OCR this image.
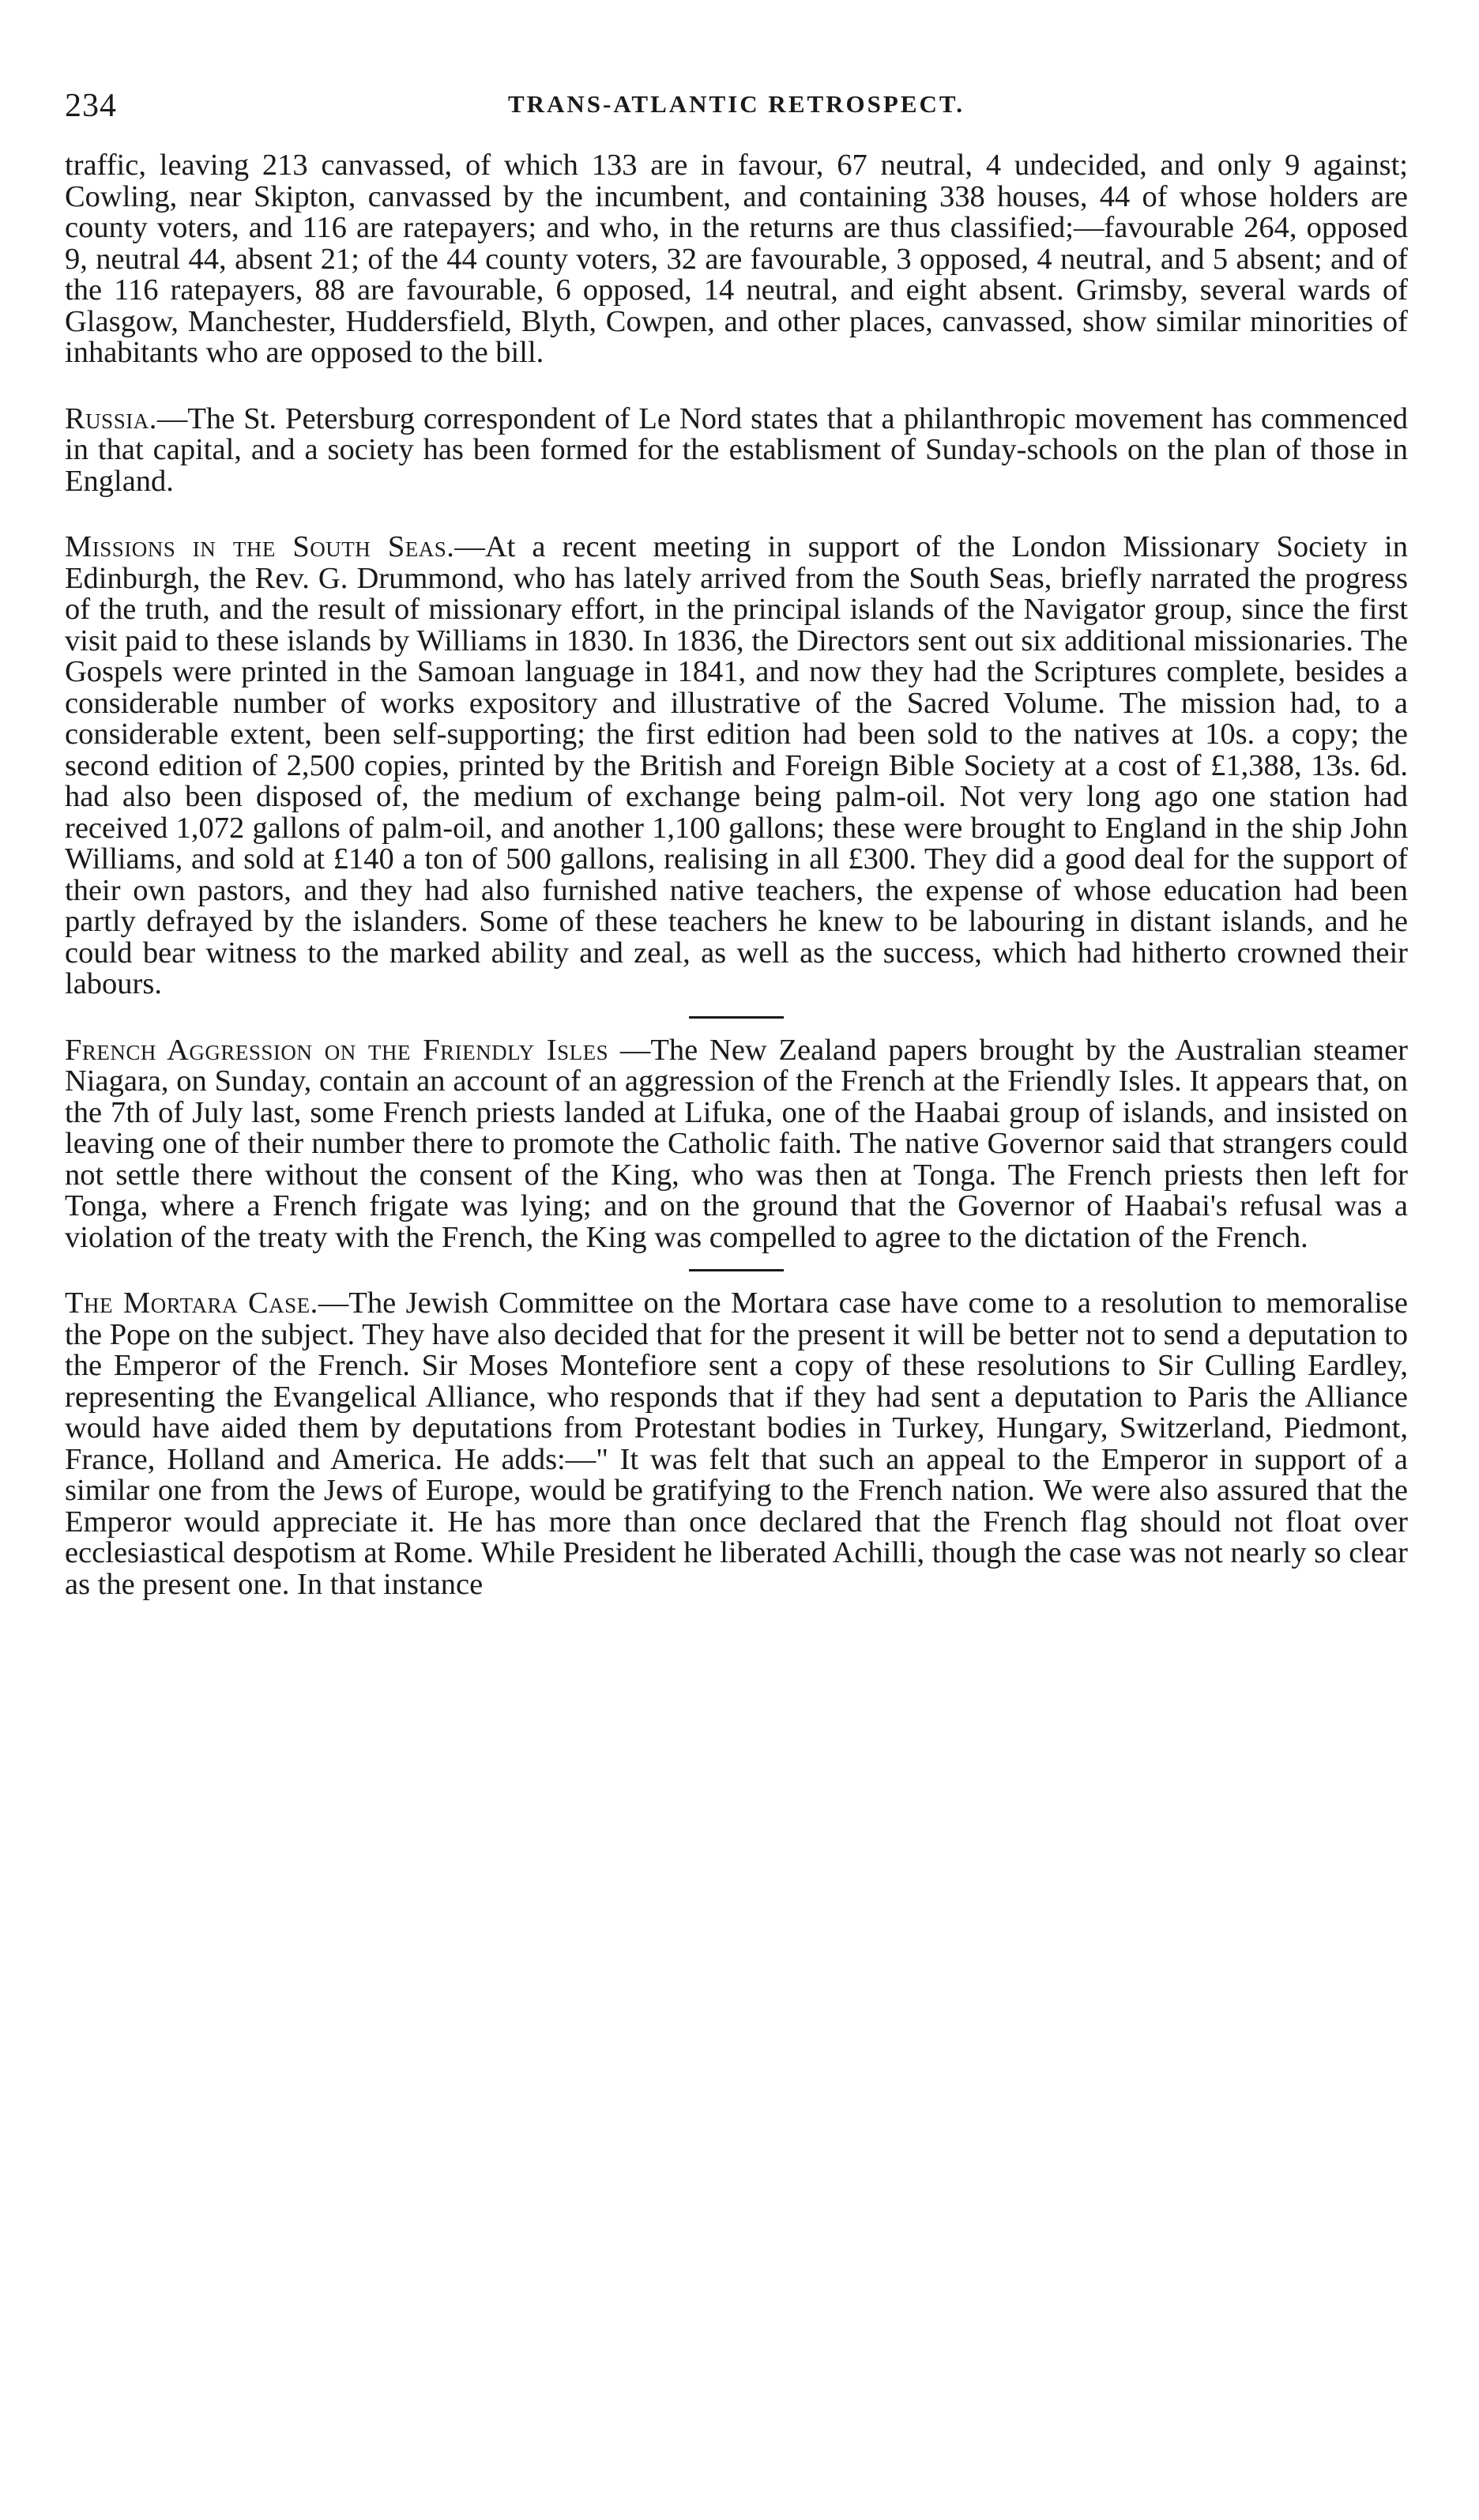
234	TRANS-ATLANTIC RETROSPECT.

traffic, leaving 213 canvassed, of which 133 are in favour, 67 neutral, 4 undecided, and only 9 against; Cowling, near Skipton, canvassed by the incumbent, and containing 338 houses, 44 of whose holders are county voters, and 116 are ratepayers; and who, in the returns are thus classified;—favourable 264, opposed 9, neutral 44, absent 21; of the 44 county voters, 32 are favourable, 3 opposed, 4 neutral, and 5 absent; and of the 116 ratepayers, 88 are favourable, 6 opposed, 14 neutral, and eight absent. Grimsby, several wards of Glasgow, Manchester, Huddersfield, Blyth, Cowpen, and other places, canvassed, show similar minorities of inhabitants who are opposed to the bill.

Russia.—The St. Petersburg correspondent of Le Nord states that a philanthropic movement has commenced in that capital, and a society has been formed for the establisment of Sunday-schools on the plan of those in England.

Missions in the South Seas.—At a recent meeting in support of the London Missionary Society in Edinburgh, the Rev. G. Drummond, who has lately arrived from the South Seas, briefly narrated the progress of the truth, and the result of missionary effort, in the principal islands of the Navigator group, since the first visit paid to these islands by Williams in 1830. In 1836, the Directors sent out six additional missionaries. The Gospels were printed in the Samoan language in 1841, and now they had the Scriptures complete, besides a considerable number of works expository and illustrative of the Sacred Volume. The mission had, to a considerable extent, been self-supporting; the first edition had been sold to the natives at 10s. a copy; the second edition of 2,500 copies, printed by the British and Foreign Bible Society at a cost of £1,388, 13s. 6d. had also been disposed of, the medium of exchange being palm-oil. Not very long ago one station had received 1,072 gallons of palm-oil, and another 1,100 gallons; these were brought to England in the ship John Williams, and sold at £140 a ton of 500 gallons, realising in all £300. They did a good deal for the support of their own pastors, and they had also furnished native teachers, the expense of whose education had been partly defrayed by the islanders. Some of these teachers he knew to be labouring in distant islands, and he could bear witness to the marked ability and zeal, as well as the success, which had hitherto crowned their labours.

French Aggression on the Friendly Isles —The New Zealand papers brought by the Australian steamer Niagara, on Sunday, contain an account of an aggression of the French at the Friendly Isles. It appears that, on the 7th of July last, some French priests landed at Lifuka, one of the Haabai group of islands, and insisted on leaving one of their number there to promote the Catholic faith. The native Governor said that strangers could not settle there without the consent of the King, who was then at Tonga. The French priests then left for Tonga, where a French frigate was lying; and on the ground that the Governor of Haabai's refusal was a violation of the treaty with the French, the King was compelled to agree to the dictation of the French.

The Mortara Case.—The Jewish Committee on the Mortara case have come to a resolution to memoralise the Pope on the subject. They have also decided that for the present it will be better not to send a deputation to the Emperor of the French. Sir Moses Montefiore sent a copy of these resolutions to Sir Culling Eardley, representing the Evangelical Alliance, who responds that if they had sent a deputation to Paris the Alliance would have aided them by deputations from Protestant bodies in Turkey, Hungary, Switzerland, Piedmont, France, Holland and America. He adds:—" It was felt that such an appeal to the Emperor in support of a similar one from the Jews of Europe, would be gratifying to the French nation. We were also assured that the Emperor would appreciate it. He has more than once declared that the French flag should not float over ecclesiastical despotism at Rome. While President he liberated Achilli, though the case was not nearly so clear as the present one. In that instance
